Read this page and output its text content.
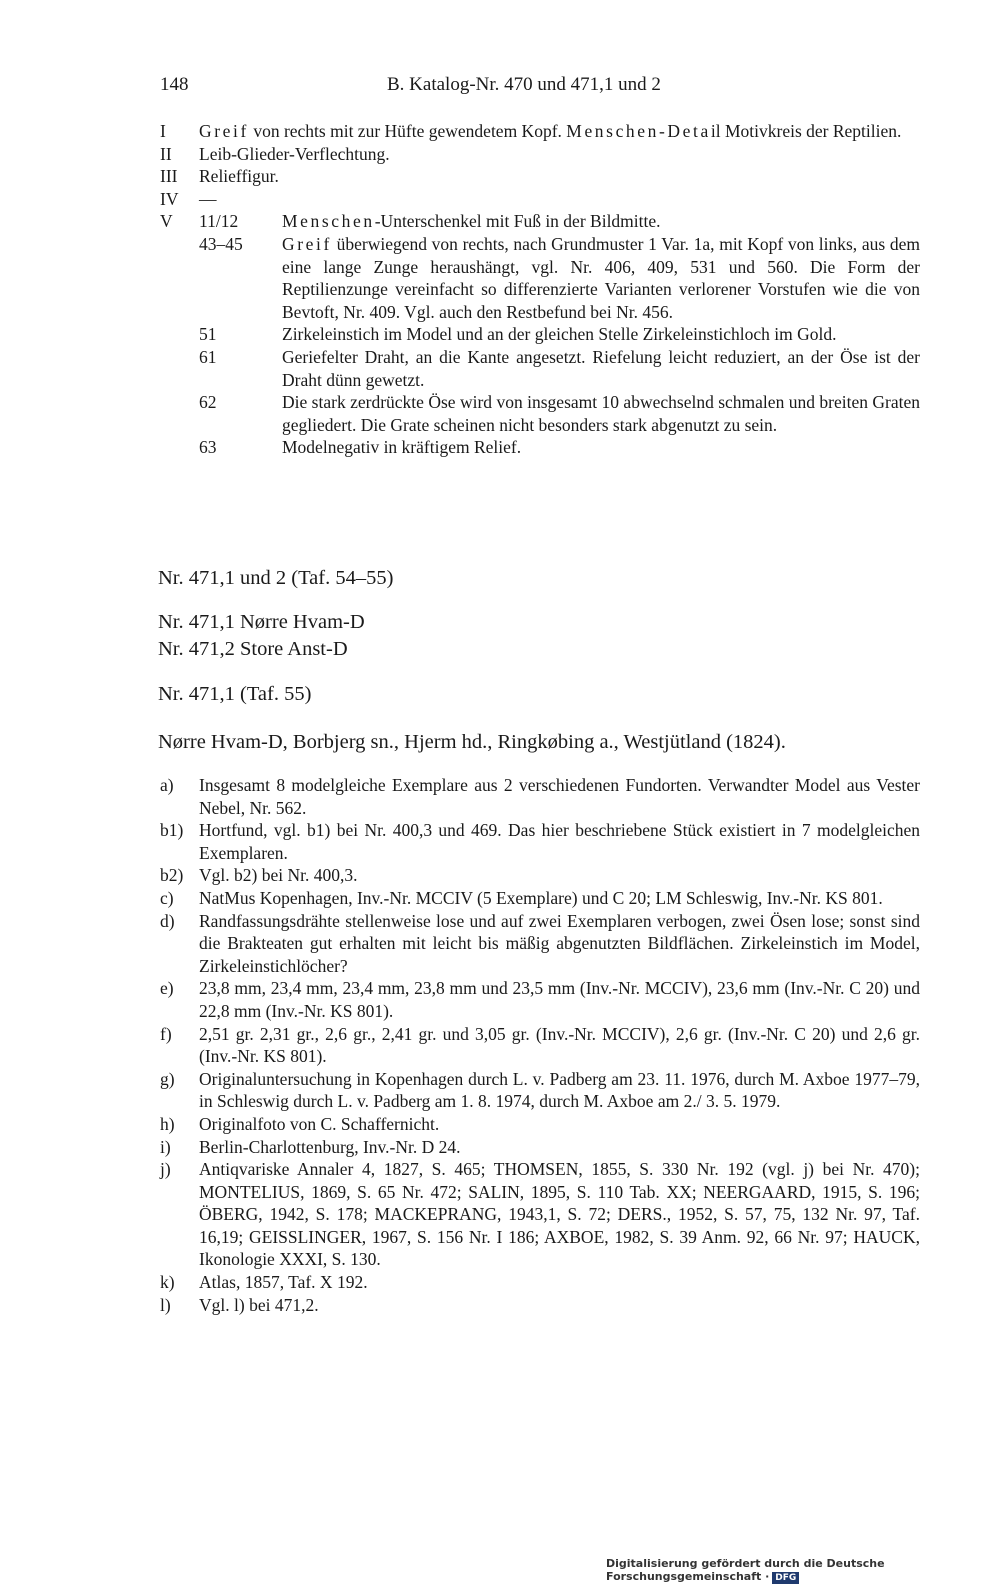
148	B. Katalog-Nr. 470 und 471,1 und 2
I	Greif von rechts mit zur Hüfte gewendetem Kopf. Menschen-Detail Motivkreis der Reptilien.
II	Leib-Glieder-Verflechtung.
III	Relieffigur.
IV	—
V	11/12	Menschen-Unterschenkel mit Fuß in der Bildmitte.
43–45	Greif überwiegend von rechts, nach Grundmuster 1 Var. 1a, mit Kopf von links, aus dem eine lange Zunge heraushängt, vgl. Nr. 406, 409, 531 und 560. Die Form der Reptilienzunge vereinfacht so differenzierte Varianten verlorener Vorstufen wie die von Bevtoft, Nr. 409. Vgl. auch den Restbefund bei Nr. 456.
51	Zirkeleinstich im Model und an der gleichen Stelle Zirkeleinstichloch im Gold.
61	Geriefelter Draht, an die Kante angesetzt. Riefelung leicht reduziert, an der Öse ist der Draht dünn gewetzt.
62	Die stark zerdrückte Öse wird von insgesamt 10 abwechselnd schmalen und breiten Graten gegliedert. Die Grate scheinen nicht besonders stark abgenutzt zu sein.
63	Modelnegativ in kräftigem Relief.
Nr. 471,1 und 2 (Taf. 54–55)
Nr. 471,1 Nørre Hvam-D
Nr. 471,2 Store Anst-D
Nr. 471,1 (Taf. 55)
Nørre Hvam-D, Borbjerg sn., Hjerm hd., Ringkøbing a., Westjütland (1824).
a)	Insgesamt 8 modelgleiche Exemplare aus 2 verschiedenen Fundorten. Verwandter Model aus Vester Nebel, Nr. 562.
b1) Hortfund, vgl. b1) bei Nr. 400,3 und 469. Das hier beschriebene Stück existiert in 7 modelgleichen Exemplaren.
b2) Vgl. b2) bei Nr. 400,3.
c)	NatMus Kopenhagen, Inv.-Nr. MCCIV (5 Exemplare) und C 20; LM Schleswig, Inv.-Nr. KS 801.
d)	Randfassungsdrähte stellenweise lose und auf zwei Exemplaren verbogen, zwei Ösen lose; sonst sind die Brakteaten gut erhalten mit leicht bis mäßig abgenutzten Bildflächen. Zirkeleinstich im Model, Zirkeleinstichlöcher?
e)	23,8 mm, 23,4 mm, 23,4 mm, 23,8 mm und 23,5 mm (Inv.-Nr. MCCIV), 23,6 mm (Inv.-Nr. C 20) und 22,8 mm (Inv.-Nr. KS 801).
f)	2,51 gr. 2,31 gr., 2,6 gr., 2,41 gr. und 3,05 gr. (Inv.-Nr. MCCIV), 2,6 gr. (Inv.-Nr. C 20) und 2,6 gr. (Inv.-Nr. KS 801).
g)	Originaluntersuchung in Kopenhagen durch L. v. Padberg am 23. 11. 1976, durch M. Axboe 1977–79, in Schleswig durch L. v. Padberg am 1. 8. 1974, durch M. Axboe am 2./ 3. 5. 1979.
h)	Originalfoto von C. Schaffernicht.
i)	Berlin-Charlottenburg, Inv.-Nr. D 24.
j)	Antiqvariske Annaler 4, 1827, S. 465; THOMSEN, 1855, S. 330 Nr. 192 (vgl. j) bei Nr. 470); MONTELIUS, 1869, S. 65 Nr. 472; SALIN, 1895, S. 110 Tab. XX; NEERGAARD, 1915, S. 196; ÖBERG, 1942, S. 178; MACKEPRANG, 1943,1, S. 72; DERS., 1952, S. 57, 75, 132 Nr. 97, Taf. 16,19; GEISSLINGER, 1967, S. 156 Nr. I 186; AXBOE, 1982, S. 39 Anm. 92, 66 Nr. 97; HAUCK, Ikonologie XXXI, S. 130.
k)	Atlas, 1857, Taf. X 192.
l)	Vgl. l) bei 471,2.
Digitalisierung gefördert durch die Deutsche Forschungsgemeinschaft · DFG
